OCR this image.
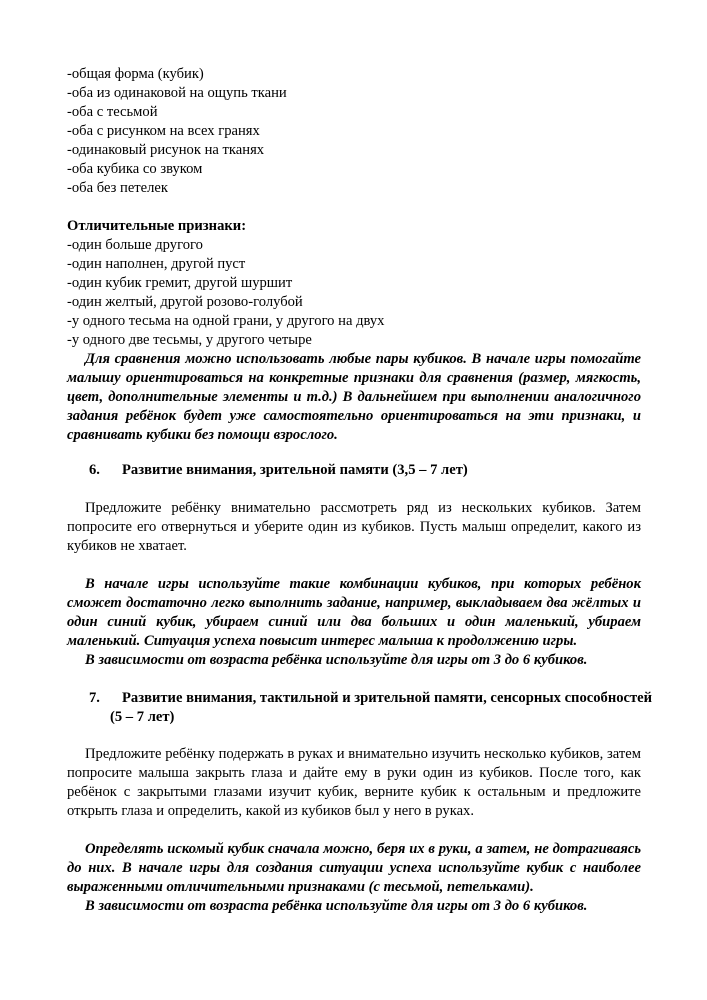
-общая форма (кубик)
-оба из одинаковой на ощупь ткани
-оба с тесьмой
-оба с рисунком на всех гранях
-одинаковый рисунок на тканях
-оба кубика со звуком
-оба без петелек
Отличительные признаки:
-один больше другого
-один наполнен, другой пуст
-один кубик гремит, другой шуршит
-один желтый, другой розово-голубой
-у одного тесьма на одной грани, у другого на двух
-у одного две тесьмы, у другого четыре

Для сравнения можно использовать любые пары кубиков. В начале игры помогайте малышу ориентироваться на конкретные признаки для сравнения (размер, мягкость, цвет, дополнительные элементы и т.д.) В дальнейшем при выполнении аналогичного задания ребёнок будет уже самостоятельно ориентироваться на эти признаки, и сравнивать кубики без помощи взрослого.

6. Развитие внимания, зрительной памяти (3,5 – 7 лет)

Предложите ребёнку внимательно рассмотреть ряд из нескольких кубиков. Затем попросите его отвернуться и уберите один из кубиков. Пусть малыш определит, какого из кубиков не хватает.

В начале игры используйте такие комбинации кубиков, при которых ребёнок сможет достаточно легко выполнить задание, например, выкладываем два жёлтых и один синий кубик, убираем синий или два больших и один маленький, убираем маленький. Ситуация успеха повысит интерес малыша к продолжению игры.

В зависимости от возраста ребёнка используйте для игры от 3 до 6 кубиков.

7. Развитие внимания, тактильной и зрительной памяти, сенсорных способностей
(5 – 7 лет)

Предложите ребёнку подержать в руках и внимательно изучить несколько кубиков, затем попросите малыша закрыть глаза и дайте ему в руки один из кубиков. После того, как ребёнок с закрытыми глазами изучит кубик, верните кубик к остальным и предложите открыть глаза и определить, какой из кубиков был у него в руках.

Определять искомый кубик сначала можно, беря их в руки, а затем, не дотрагиваясь до них. В начале игры для создания ситуации успеха используйте кубик с наиболее выраженными отличительными признаками (с тесьмой, петельками).

В зависимости от возраста ребёнка используйте для игры от 3 до 6 кубиков.
